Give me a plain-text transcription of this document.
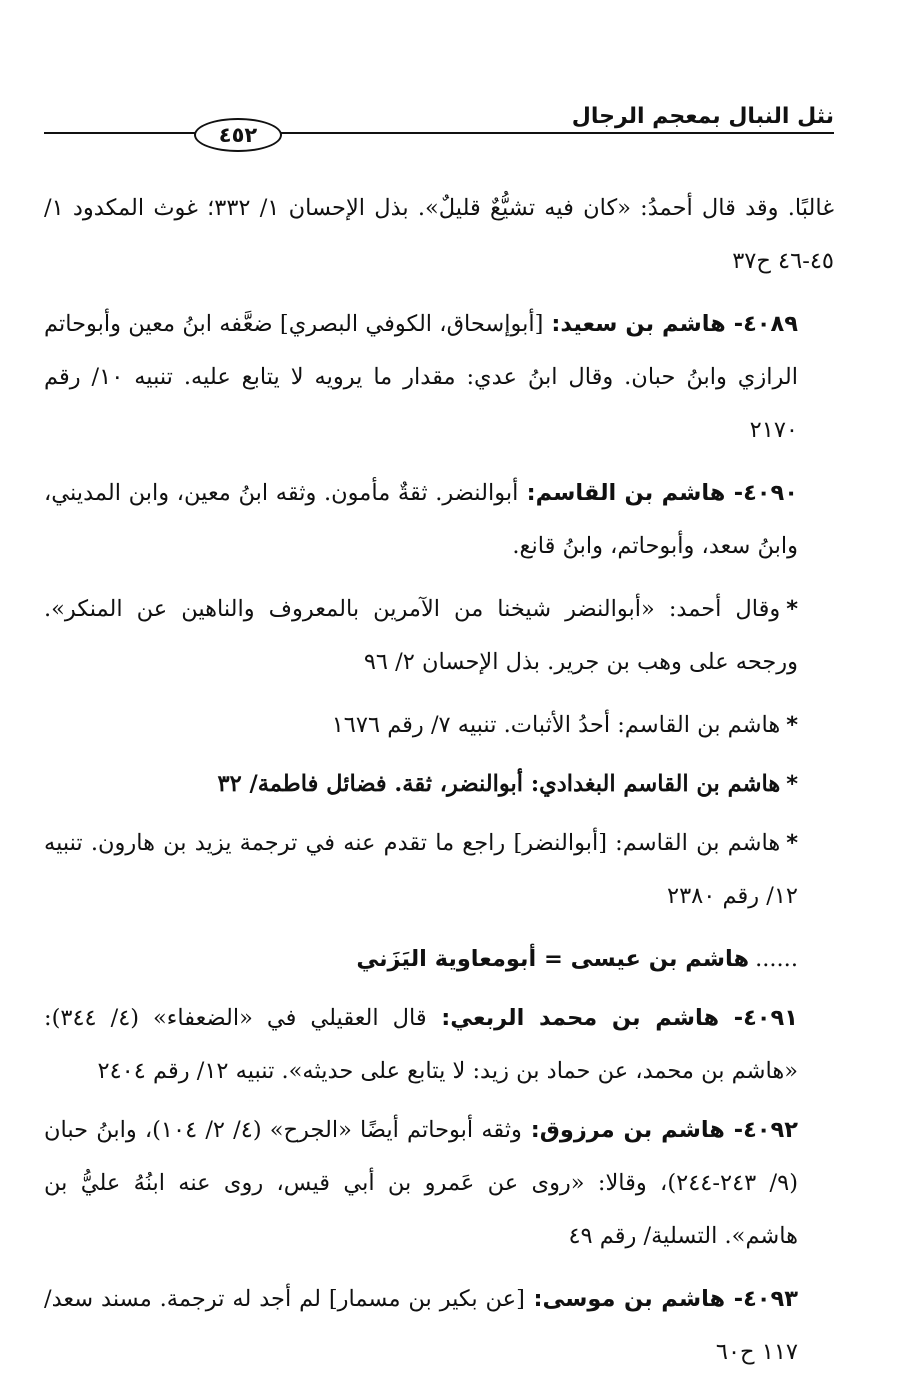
نثل النبال بمعجم الرجال
٤٥٢

غالبًا. وقد قال أحمدُ: «كان فيه تشيُّعٌ قليلٌ». بذل الإحسان ١/ ٣٣٢؛ غوث المكدود ١/ ٤٥-٤٦ ح٣٧

٤٠٨٩- هاشم بن سعيد: [أبوإسحاق، الكوفي البصري] ضعَّفه ابنُ معين وأبوحاتم الرازي وابنُ حبان. وقال ابنُ عدي: مقدار ما يرويه لا يتابع عليه. تنبيه ١٠/ رقم ٢١٧٠

٤٠٩٠- هاشم بن القاسم: أبوالنضر. ثقةٌ مأمون. وثقه ابنُ معين، وابن المديني، وابنُ سعد، وأبوحاتم، وابنُ قانع.

*وقال أحمد: «أبوالنضر شيخنا من الآمرين بالمعروف والناهين عن المنكر». ورجحه على وهب بن جرير. بذل الإحسان ٢/ ٩٦

*هاشم بن القاسم: أحدُ الأثبات. تنبيه ٧/ رقم ١٦٧٦

*هاشم بن القاسم البغدادي: أبوالنضر، ثقة. فضائل فاطمة/ ٣٢

*هاشم بن القاسم: [أبوالنضر] راجع ما تقدم عنه في ترجمة يزيد بن هارون. تنبيه ١٢/ رقم ٢٣٨٠

......هاشم بن عيسى = أبومعاوية اليَزَني

٤٠٩١- هاشم بن محمد الربعي: قال العقيلي في «الضعفاء» (٤/ ٣٤٤): «هاشم بن محمد، عن حماد بن زيد: لا يتابع على حديثه». تنبيه ١٢/ رقم ٢٤٠٤

٤٠٩٢- هاشم بن مرزوق: وثقه أبوحاتم أيضًا «الجرح» (٤/ ٢/ ١٠٤)، وابنُ حبان (٩/ ٢٤٣-٢٤٤)، وقالا: «روى عن عَمرو بن أبي قيس، روى عنه ابنُهُ عليُّ بن هاشم». التسلية/ رقم ٤٩

٤٠٩٣- هاشم بن موسى: [عن بكير بن مسمار] لم أجد له ترجمة. مسند سعد/ ١١٧ ح٦٠
